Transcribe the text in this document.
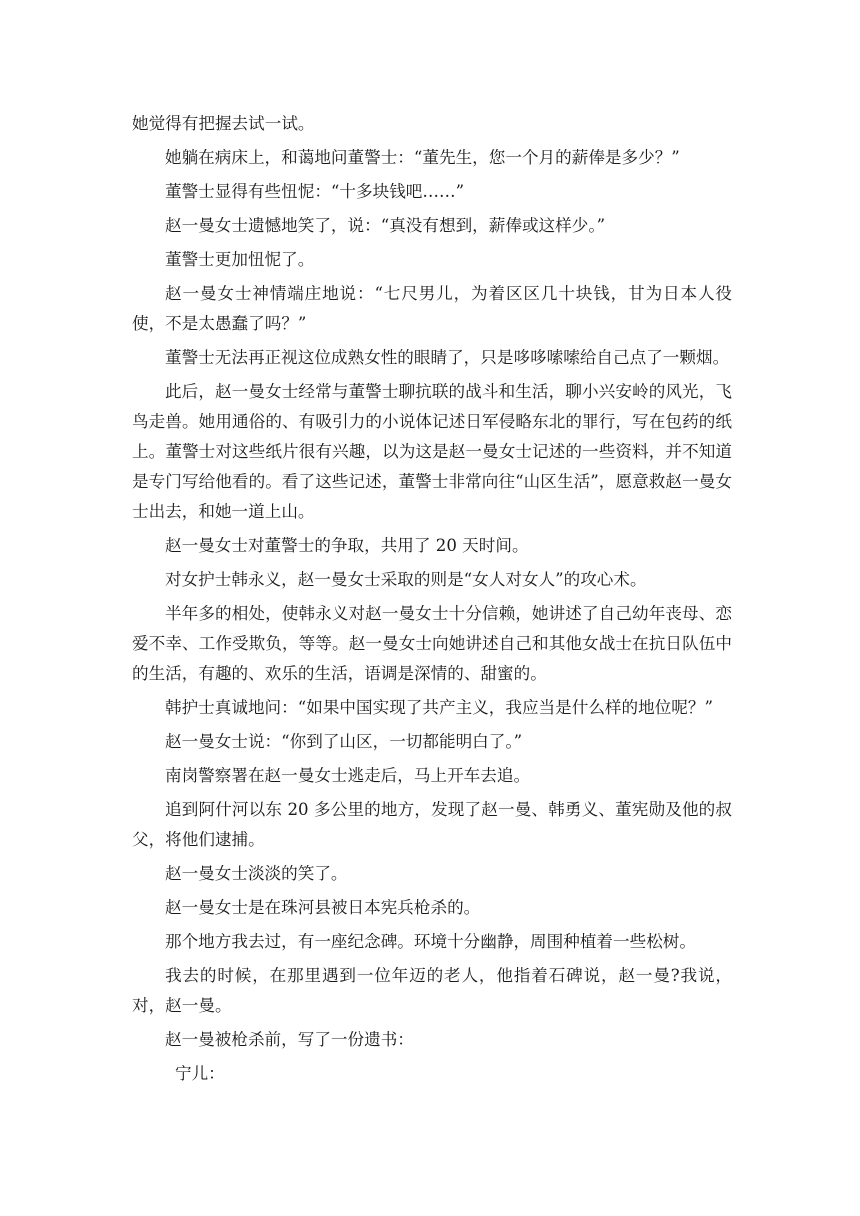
她觉得有把握去试一试。

她躺在病床上，和蔼地问董警士：“董先生，您一个月的薪俸是多少？”

董警士显得有些忸怩：“十多块钱吧……”

赵一曼女士遗憾地笑了，说：“真没有想到，薪俸或这样少。”

董警士更加忸怩了。

赵一曼女士神情端庄地说：“七尺男儿，为着区区几十块钱，甘为日本人役使，不是太愚蠢了吗？”

董警士无法再正视这位成熟女性的眼睛了，只是哆哆嗦嗦给自己点了一颗烟。

此后，赵一曼女士经常与董警士聊抗联的战斗和生活，聊小兴安岭的风光，飞鸟走兽。她用通俗的、有吸引力的小说体记述日军侵略东北的罪行，写在包药的纸上。董警士对这些纸片很有兴趣，以为这是赵一曼女士记述的一些资料，并不知道是专门写给他看的。看了这些记述，董警士非常向往“山区生活”，愿意救赵一曼女士出去，和她一道上山。

赵一曼女士对董警士的争取，共用了 20 天时间。

对女护士韩永义，赵一曼女士采取的则是“女人对女人”的攻心术。

半年多的相处，使韩永义对赵一曼女士十分信赖，她讲述了自己幼年丧母、恋爱不幸、工作受欺负，等等。赵一曼女士向她讲述自己和其他女战士在抗日队伍中的生活，有趣的、欢乐的生活，语调是深情的、甜蜜的。

韩护士真诚地问：“如果中国实现了共产主义，我应当是什么样的地位呢？”

赵一曼女士说：“你到了山区，一切都能明白了。”

南岗警察署在赵一曼女士逃走后，马上开车去追。

追到阿什河以东 20 多公里的地方，发现了赵一曼、韩勇义、董宪勋及他的叔父，将他们逮捕。

赵一曼女士淡淡的笑了。

赵一曼女士是在珠河县被日本宪兵枪杀的。

那个地方我去过，有一座纪念碑。环境十分幽静，周围种植着一些松树。

我去的时候，在那里遇到一位年迈的老人，他指着石碑说，赵一曼?我说，对，赵一曼。

赵一曼被枪杀前，写了一份遗书：

宁儿：
